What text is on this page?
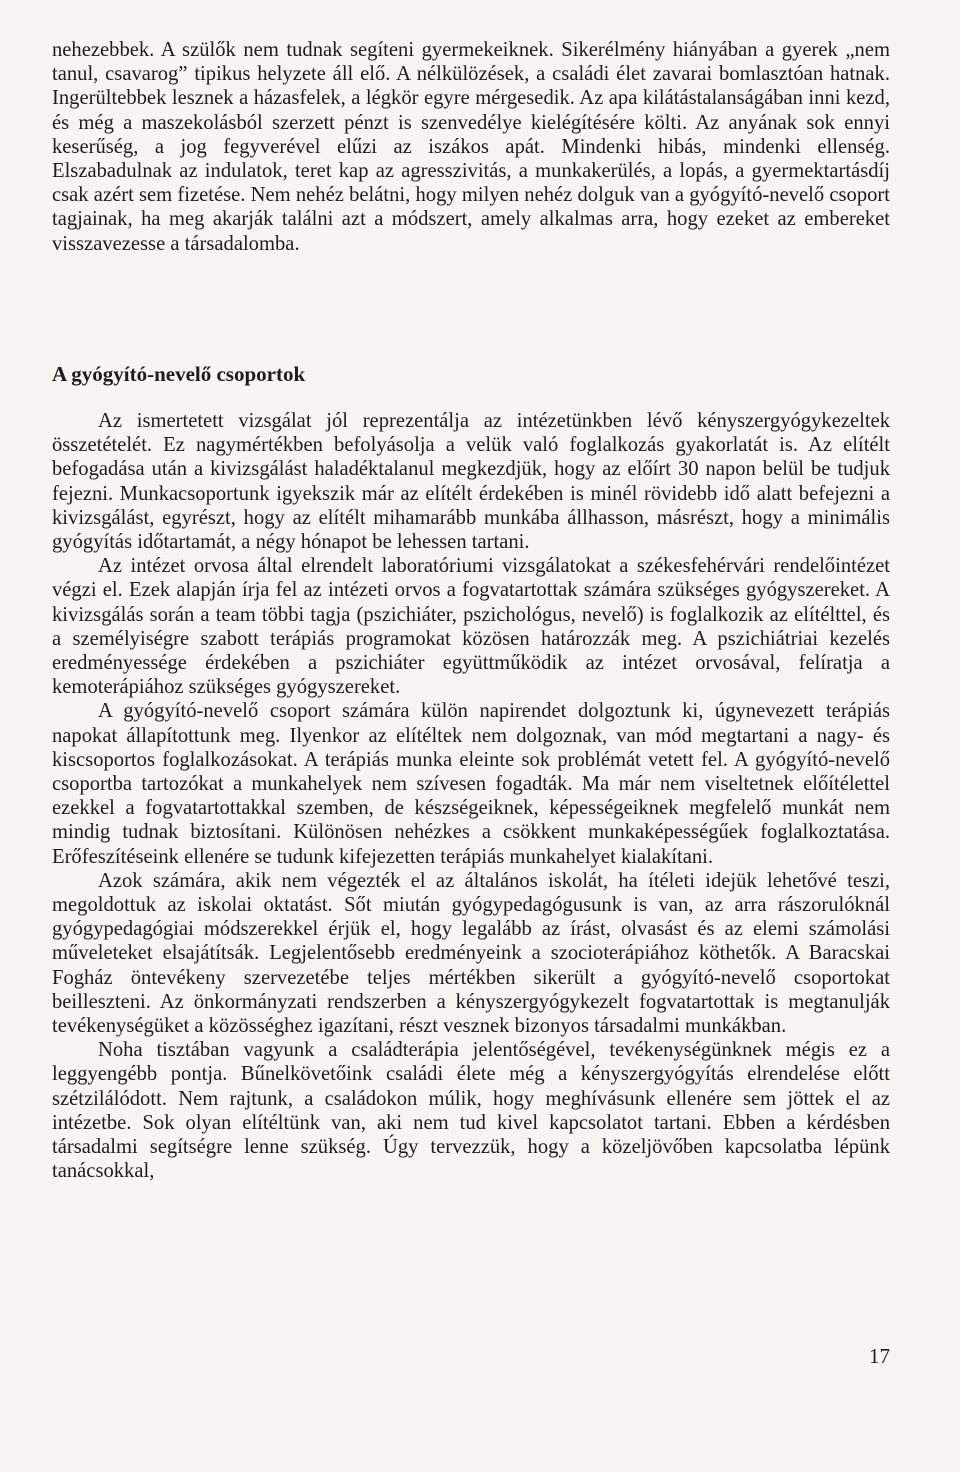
nehezebbek. A szülők nem tudnak segíteni gyermekeiknek. Sikerélmény hiányában a gyerek „nem tanul, csavarog” tipikus helyzete áll elő. A nélkülözések, a családi élet zavarai bomlasztóan hatnak. Ingerültebbek lesznek a házasfelek, a légkör egyre mérgesedik. Az apa kilátástalanságában inni kezd, és még a maszekolásból szerzett pénzt is szenvedélye kielégítésére költi. Az anyának sok ennyi keserűség, a jog fegyverével elűzi az iszákos apát. Mindenki hibás, mindenki ellenség. Elszabadulnak az indulatok, teret kap az agresszivitás, a munkakerülés, a lopás, a gyermektartásdíj csak azért sem fizetése. Nem nehéz belátni, hogy milyen nehéz dolguk van a gyógyító-nevelő csoport tagjainak, ha meg akarják találni azt a módszert, amely alkalmas arra, hogy ezeket az embereket visszavezesse a társadalomba.

A gyógyító-nevelő csoportok

Az ismertetett vizsgálat jól reprezentálja az intézetünkben lévő kényszergyógykezeltek összetételét. Ez nagymértékben befolyásolja a velük való foglalkozás gyakorlatát is. Az elítélt befogadása után a kivizsgálást haladéktalanul megkezdjük, hogy az előírt 30 napon belül be tudjuk fejezni. Munkacsoportunk igyekszik már az elítélt érdekében is minél rövidebb idő alatt befejezni a kivizsgálást, egyrészt, hogy az elítélt mihamarább munkába állhasson, másrészt, hogy a minimális gyógyítás időtartamát, a négy hónapot be lehessen tartani.

Az intézet orvosa által elrendelt laboratóriumi vizsgálatokat a székesfehérvári rendelőintézet végzi el. Ezek alapján írja fel az intézeti orvos a fogvatartottak számára szükséges gyógyszereket. A kivizsgálás során a team többi tagja (pszichiáter, pszichológus, nevelő) is foglalkozik az elítélttel, és a személyiségre szabott terápiás programokat közösen határozzák meg. A pszichiátriai kezelés eredményessége érdekében a pszichiáter együttműködik az intézet orvosával, felíratja a kemoterápiához szükséges gyógyszereket.

A gyógyító-nevelő csoport számára külön napirendet dolgoztunk ki, úgynevezett terápiás napokat állapítottunk meg. Ilyenkor az elítéltek nem dolgoznak, van mód megtartani a nagy- és kiscsoportos foglalkozásokat. A terápiás munka eleinte sok problémát vetett fel. A gyógyító-nevelő csoportba tartozókat a munkahelyek nem szívesen fogadták. Ma már nem viseltetnek előítélettel ezekkel a fogvatartottakkal szemben, de készségeiknek, képességeiknek megfelelő munkát nem mindig tudnak biztosítani. Különösen nehézkes a csökkent munkaképességűek foglalkoztatása. Erőfeszítéseink ellenére se tudunk kifejezetten terápiás munkahelyet kialakítani.

Azok számára, akik nem végezték el az általános iskolát, ha ítéleti idejük lehetővé teszi, megoldottuk az iskolai oktatást. Sőt miután gyógypedagógusunk is van, az arra rászorulóknál gyógypedagógiai módszerekkel érjük el, hogy legalább az írást, olvasást és az elemi számolási műveleteket elsajátítsák. Legjelentősebb eredményeink a szocioterápiához köthetők. A Baracskai Fogház öntevékeny szervezetébe teljes mértékben sikerült a gyógyító-nevelő csoportokat beilleszteni. Az önkormányzati rendszerben a kényszergyógykezelt fogvatartottak is megtanulják tevékenységüket a közösséghez igazítani, részt vesznek bizonyos társadalmi munkákban.

Noha tisztában vagyunk a családterápia jelentőségével, tevékenységünknek mégis ez a leggyengébb pontja. Bűnelkövetőink családi élete még a kényszergyógyítás elrendelése előtt szétzilálódott. Nem rajtunk, a családokon múlik, hogy meghívásunk ellenére sem jöttek el az intézetbe. Sok olyan elítéltünk van, aki nem tud kivel kapcsolatot tartani. Ebben a kérdésben társadalmi segítségre lenne szükség. Úgy tervezzük, hogy a közeljövőben kapcsolatba lépünk tanácsokkal,

17
